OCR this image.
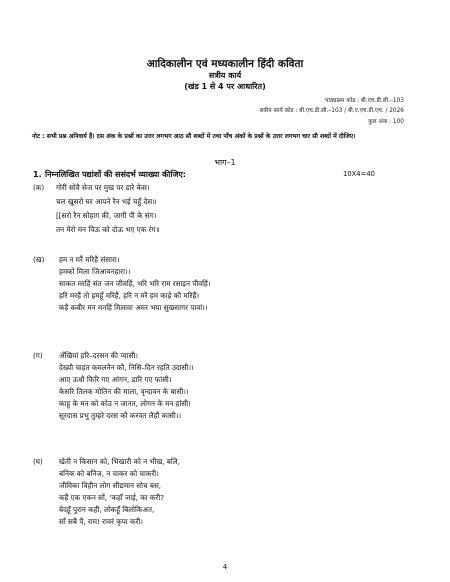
आदिकालीन एवं मध्यकालीन हिंदी कविता
सत्रीय कार्य
(खंड 1 से 4 पर आधारित)
पाठ्यक्रम कोड : बी.एच.डी.सी.–103
सत्रीय कार्य कोड : बी.एच.डी.सी.–103 / बी.ए.एच.डी.एच. / 2026
कुल अंक : 100
नोट : सभी प्रश्न अनिवार्य हैं। दस अंक के प्रश्नों का उत्तर लगभग आठ सौ शब्दों में तथा पाँच अंकों के प्रश्नों के उत्तर लगभग चार सौ शब्दों में दीजिए।
भाग–1
1. निम्नलिखित पद्यांशों की ससंदर्भ व्याख्या कीजिए:	10X4=40
(क) गोरी सोवै सेज पर मुख पर डारे केस।
चल खुसरो घर आपने रैन भई चहुँ देस॥
[[सरो रैन सोहाग की, जागी पी के संग।
तन मेरो मन पिऊ को दोऊ भए एक रंग॥
(ख) हम न मरैं मरिहै संसारा।
हमको मिला जिआवनहारा।।
साकत मरहिं संत जन जीवहिं, भरि भरि राम रसाइन पीवहिं।
हरि मरहैं तो हमहूँ मरिहैं, हरि न मरै हम काहे कौ मरिहैं।
कहै कबीर मन मनहिं मिलावा अमर भया सुखसागर पावां।।
(ग) अँखियां हरि–दरसन की प्यासी।
देख्यौ चाहत कमलनैन कौ, निसि–दिन रहति उदासी।।
आए ऊधौ फिरि गए आंगन, डारि गए फांसी।
केसरि तिलक मोतिन की माला, वृन्दावन के बासी।।
काहू के मन को कोउ न जानत, लोगन के मन हांसी।
सूरदास प्रभु तुम्हरे दरस कौ करवत लैहौं कासी।।
(घ) खेती न किसान को, भिखारी को न भीख, बलि,
बनिक को बनिज, न चाकर को चाकरी।
जीविका विहीन लोग सीद्यमान सोच बस,
कहैं एक एकन सों, 'कहाँ जाई, का करी?
बेदहूँ पुरान कही, लोकहूँ बिलोकिअत,
साँ सबै पै, राम! रावरं कृपा करी।
4
